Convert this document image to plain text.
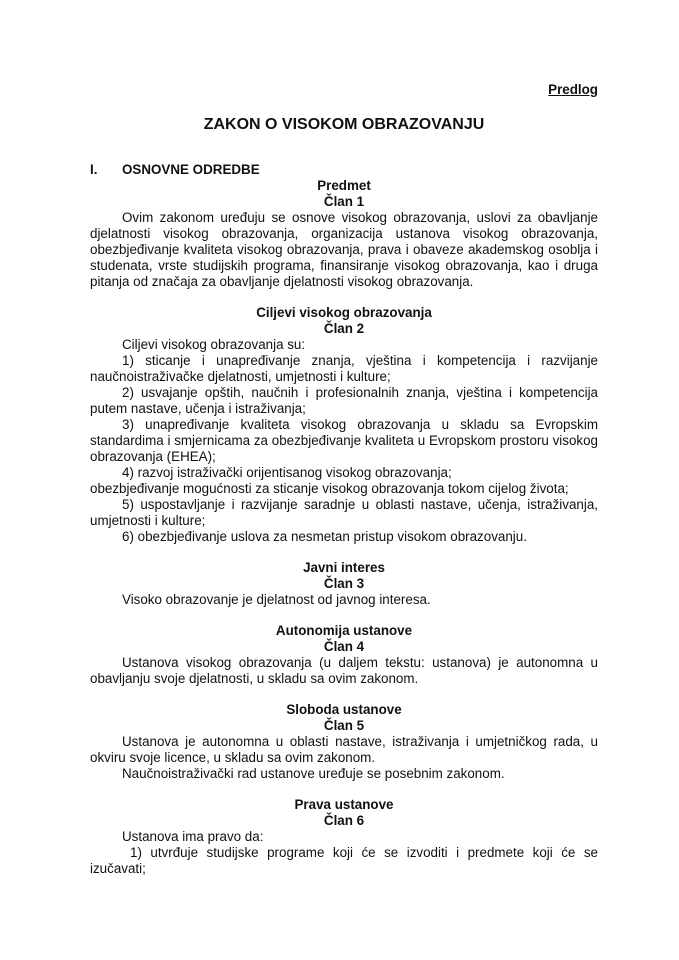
Predlog
ZAKON O VISOKOM OBRAZOVANJU
I. OSNOVNE ODREDBE
Predmet
Član 1

Ovim zakonom uređuju se osnove visokog obrazovanja, uslovi za obavljanje djelatnosti visokog obrazovanja, organizacija ustanova visokog obrazovanja, obezbjeđivanje kvaliteta visokog obrazovanja, prava i obaveze akademskog osoblja i studenata, vrste studijskih programa, finansiranje visokog obrazovanja, kao i druga pitanja od značaja za obavljanje djelatnosti visokog obrazovanja.

Ciljevi visokog obrazovanja
Član 2

Ciljevi visokog obrazovanja su:

1) sticanje i unapređivanje znanja, vještina i kompetencija i razvijanje naučnoistraživačke djelatnosti, umjetnosti i kulture;

2) usvajanje opštih, naučnih i profesionalnih znanja, vještina i kompetencija putem nastave, učenja i istraživanja;

3) unapređivanje kvaliteta visokog obrazovanja u skladu sa Evropskim standardima i smjernicama za obezbjeđivanje kvaliteta u Evropskom prostoru visokog obrazovanja (EHEA);

4) razvoj istraživački orijentisanog visokog obrazovanja;

obezbjeđivanje mogućnosti za sticanje visokog obrazovanja tokom cijelog života;

5) uspostavljanje i razvijanje saradnje u oblasti nastave, učenja, istraživanja, umjetnosti i kulture;

6) obezbjeđivanje uslova za nesmetan pristup visokom obrazovanju.

Javni interes
Član 3

Visoko obrazovanje je djelatnost od javnog interesa.

Autonomija ustanove
Član 4

Ustanova visokog obrazovanja (u daljem tekstu: ustanova) je autonomna u obavljanju svoje djelatnosti, u skladu sa ovim zakonom.

Sloboda ustanove
Član 5

Ustanova je autonomna u oblasti nastave, istraživanja i umjetničkog rada, u okviru svoje licence, u skladu sa ovim zakonom.

Naučnoistraživački rad ustanove uređuje se posebnim zakonom.

Prava ustanove
Član 6

Ustanova ima pravo da:

1) utvrđuje studijske programe koji će se izvoditi i predmete koji će se izučavati;
